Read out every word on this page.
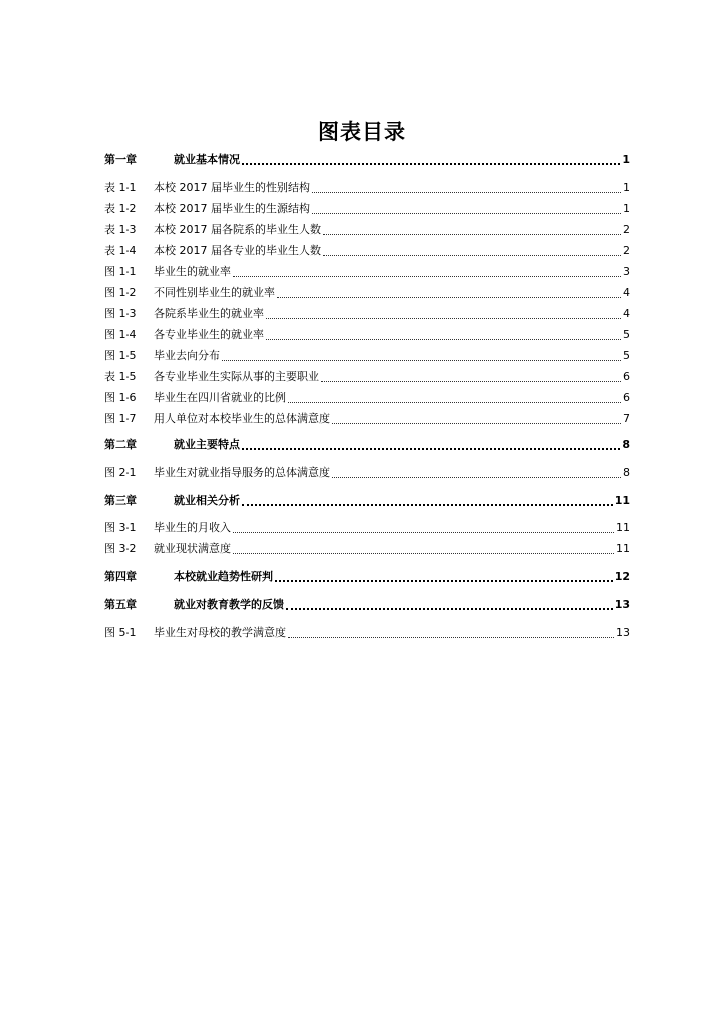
图表目录
第一章	就业基本情况	1
表 1-1	本校 2017 届毕业生的性别结构	1
表 1-2	本校 2017 届毕业生的生源结构	1
表 1-3	本校 2017 届各院系的毕业生人数	2
表 1-4	本校 2017 届各专业的毕业生人数	2
图 1-1	毕业生的就业率	3
图 1-2	不同性别毕业生的就业率	4
图 1-3	各院系毕业生的就业率	4
图 1-4	各专业毕业生的就业率	5
图 1-5	毕业去向分布	5
表 1-5	各专业毕业生实际从事的主要职业	6
图 1-6	毕业生在四川省就业的比例	6
图 1-7	用人单位对本校毕业生的总体满意度	7
第二章	就业主要特点	8
图 2-1	毕业生对就业指导服务的总体满意度	8
第三章	就业相关分析	11
图 3-1	毕业生的月收入	11
图 3-2	就业现状满意度	11
第四章	本校就业趋势性研判	12
第五章	就业对教育教学的反馈	13
图 5-1	毕业生对母校的教学满意度	13
